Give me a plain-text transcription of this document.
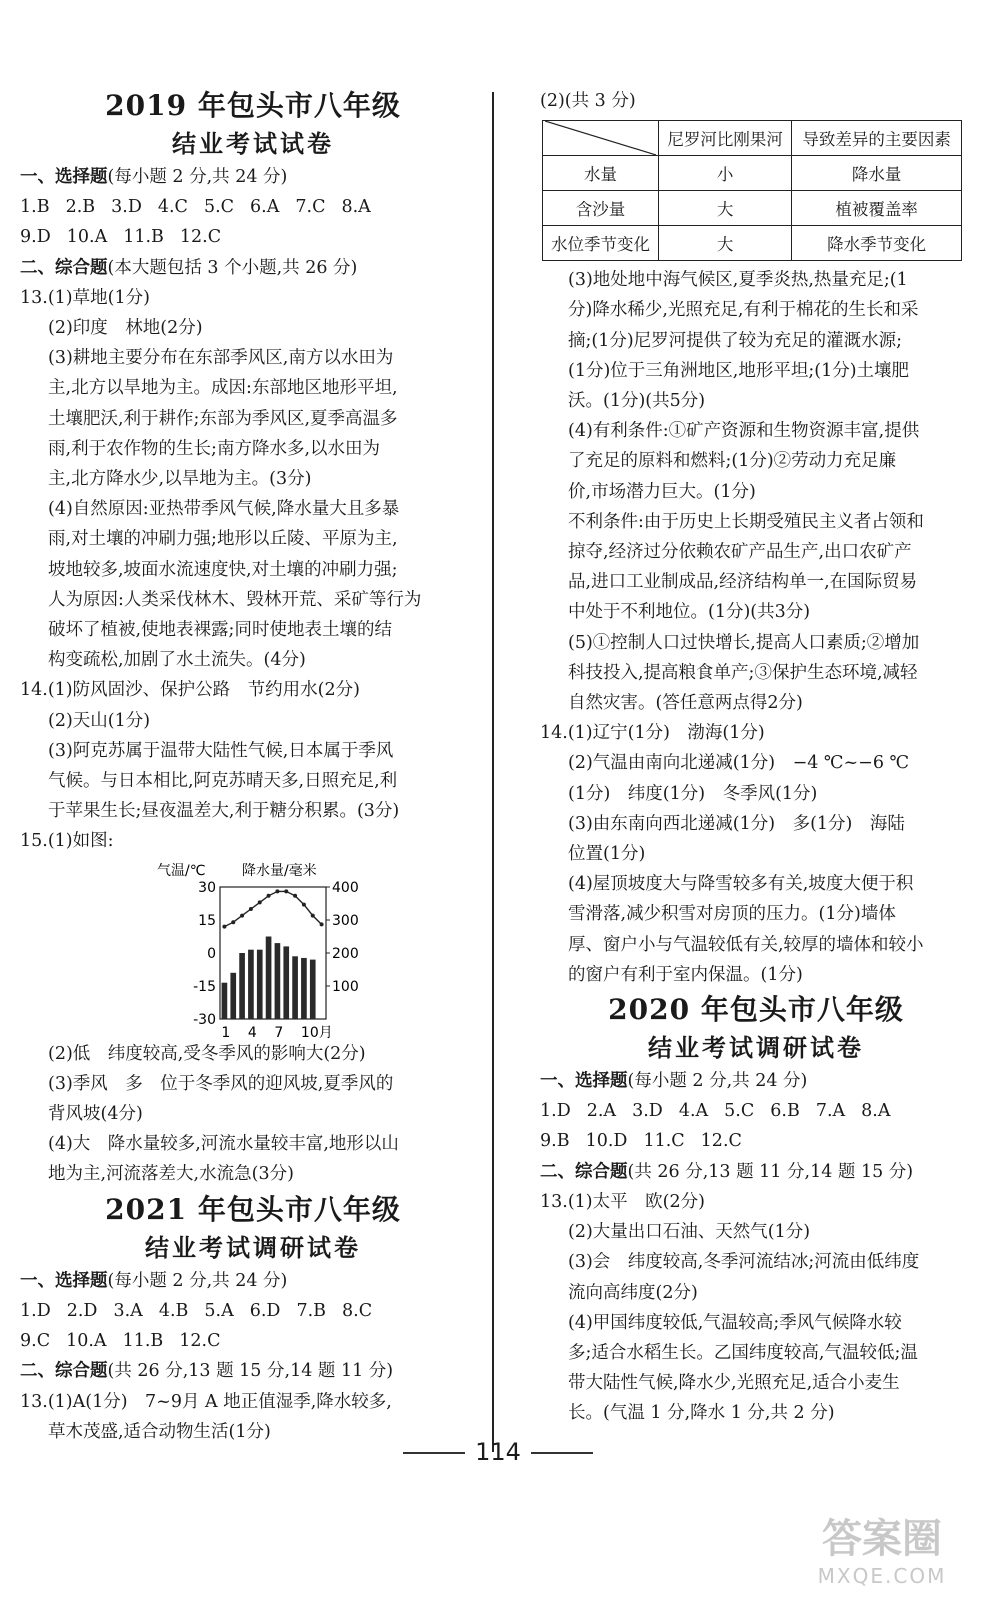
2019 年包头市八年级
结业考试试卷
一、选择题(每小题 2 分,共 24 分)
1.B 2.B 3.D 4.C 5.C 6.A 7.C 8.A
9.D 10.A 11.B 12.C
二、综合题(本大题包括 3 个小题,共 26 分)
13.(1)草地(1分)
(2)印度　林地(2分)
(3)耕地主要分布在东部季风区,南方以水田为
主,北方以旱地为主。成因:东部地区地形平坦,
土壤肥沃,利于耕作;东部为季风区,夏季高温多
雨,利于农作物的生长;南方降水多,以水田为
主,北方降水少,以旱地为主。(3分)
(4)自然原因:亚热带季风气候,降水量大且多暴
雨,对土壤的冲刷力强;地形以丘陵、平原为主,
坡地较多,坡面水流速度快,对土壤的冲刷力强;
人为原因:人类采伐林木、毁林开荒、采矿等行为
破坏了植被,使地表裸露;同时使地表土壤的结
构变疏松,加剧了水土流失。(4分)
14.(1)防风固沙、保护公路　节约用水(2分)
(2)天山(1分)
(3)阿克苏属于温带大陆性气候,日本属于季风
气候。与日本相比,阿克苏晴天多,日照充足,利
于苹果生长;昼夜温差大,利于糖分积累。(3分)
15.(1)如图:
气温/℃	降水量/毫米
30
15
0
-15
-30
400
300
200
100
1 4 7 10月
(2)低　纬度较高,受冬季风的影响大(2分)
(3)季风　多　位于冬季风的迎风坡,夏季风的
背风坡(4分)
(4)大　降水量较多,河流水量较丰富,地形以山
地为主,河流落差大,水流急(3分)
2021 年包头市八年级
结业考试调研试卷
一、选择题(每小题 2 分,共 24 分)
1.D 2.D 3.A 4.B 5.A 6.D 7.B 8.C
9.C 10.A 11.B 12.C
二、综合题(共 26 分,13 题 15 分,14 题 11 分)
13.(1)A(1分)　7~9月 A 地正值湿季,降水较多,
草木茂盛,适合动物生活(1分)
(2)(共 3 分)
	尼罗河比刚果河	导致差异的主要因素
水量	小	降水量
含沙量	大	植被覆盖率
水位季节变化	大	降水季节变化
(3)地处地中海气候区,夏季炎热,热量充足;(1
分)降水稀少,光照充足,有利于棉花的生长和采
摘;(1分)尼罗河提供了较为充足的灌溉水源;
(1分)位于三角洲地区,地形平坦;(1分)土壤肥
沃。(1分)(共5分)
(4)有利条件:①矿产资源和生物资源丰富,提供
了充足的原料和燃料;(1分)②劳动力充足廉
价,市场潜力巨大。(1分)
不利条件:由于历史上长期受殖民主义者占领和
掠夺,经济过分依赖农矿产品生产,出口农矿产
品,进口工业制成品,经济结构单一,在国际贸易
中处于不利地位。(1分)(共3分)
(5)①控制人口过快增长,提高人口素质;②增加
科技投入,提高粮食单产;③保护生态环境,减轻
自然灾害。(答任意两点得2分)
14.(1)辽宁(1分)　渤海(1分)
(2)气温由南向北递减(1分)　−4 ℃~−6 ℃
(1分)　纬度(1分)　冬季风(1分)
(3)由东南向西北递减(1分)　多(1分)　海陆
位置(1分)
(4)屋顶坡度大与降雪较多有关,坡度大便于积
雪滑落,减少积雪对房顶的压力。(1分)墙体
厚、窗户小与气温较低有关,较厚的墙体和较小
的窗户有利于室内保温。(1分)
2020 年包头市八年级
结业考试调研试卷
一、选择题(每小题 2 分,共 24 分)
1.D 2.A 3.D 4.A 5.C 6.B 7.A 8.A
9.B 10.D 11.C 12.C
二、综合题(共 26 分,13 题 11 分,14 题 15 分)
13.(1)太平　欧(2分)
(2)大量出口石油、天然气(1分)
(3)会　纬度较高,冬季河流结冰;河流由低纬度
流向高纬度(2分)
(4)甲国纬度较低,气温较高;季风气候降水较
多;适合水稻生长。乙国纬度较高,气温较低;温
带大陆性气候,降水少,光照充足,适合小麦生
长。(气温 1 分,降水 1 分,共 2 分)
114
答案圈
MXQE.COM
